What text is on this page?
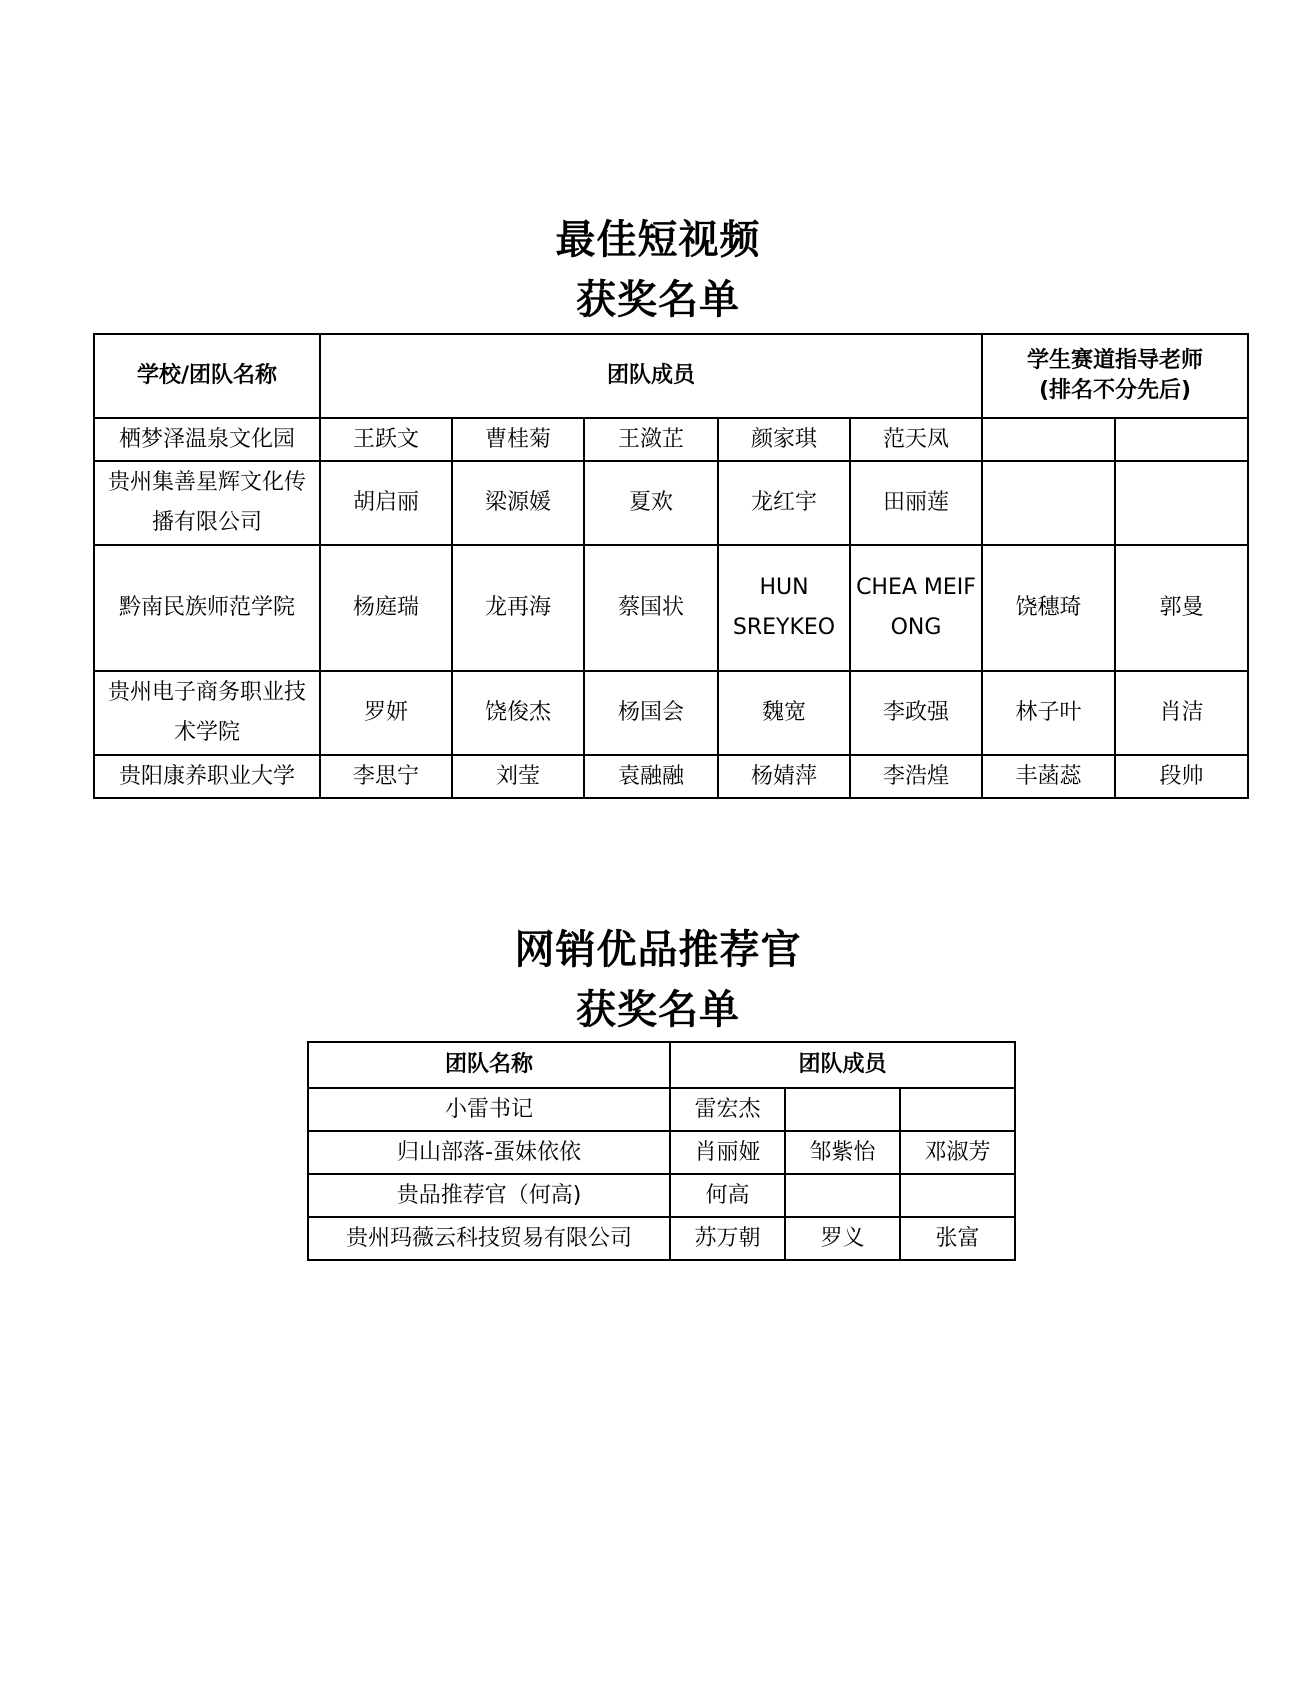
最佳短视频
获奖名单
学校/团队名称	团队成员					学生赛道指导老师
(排名不分先后)	

栖梦泽温泉文化园	王跃文	曹桂菊	王潋芷	颜家琪	范天凤		
贵州集善星辉文化传播有限公司	胡启丽	梁源媛	夏欢	龙红宇	田丽莲		
黔南民族师范学院	杨庭瑞	龙再海	蔡国状	HUN SREYKEO	CHEA MEIFONG	饶穗琦	郭曼
贵州电子商务职业技术学院	罗妍	饶俊杰	杨国会	魏宽	李政强	林子叶	肖洁
贵阳康养职业大学	李思宁	刘莹	袁融融	杨婧萍	李浩煌	丰菡蕊	段帅
网销优品推荐官
获奖名单
团队名称	团队成员		
小雷书记	雷宏杰		
归山部落-蛋妹依依	肖丽娅	邹紫怡	邓淑芳
贵品推荐官（何高)	何高		
贵州玛薇云科技贸易有限公司	苏万朝	罗义	张富
